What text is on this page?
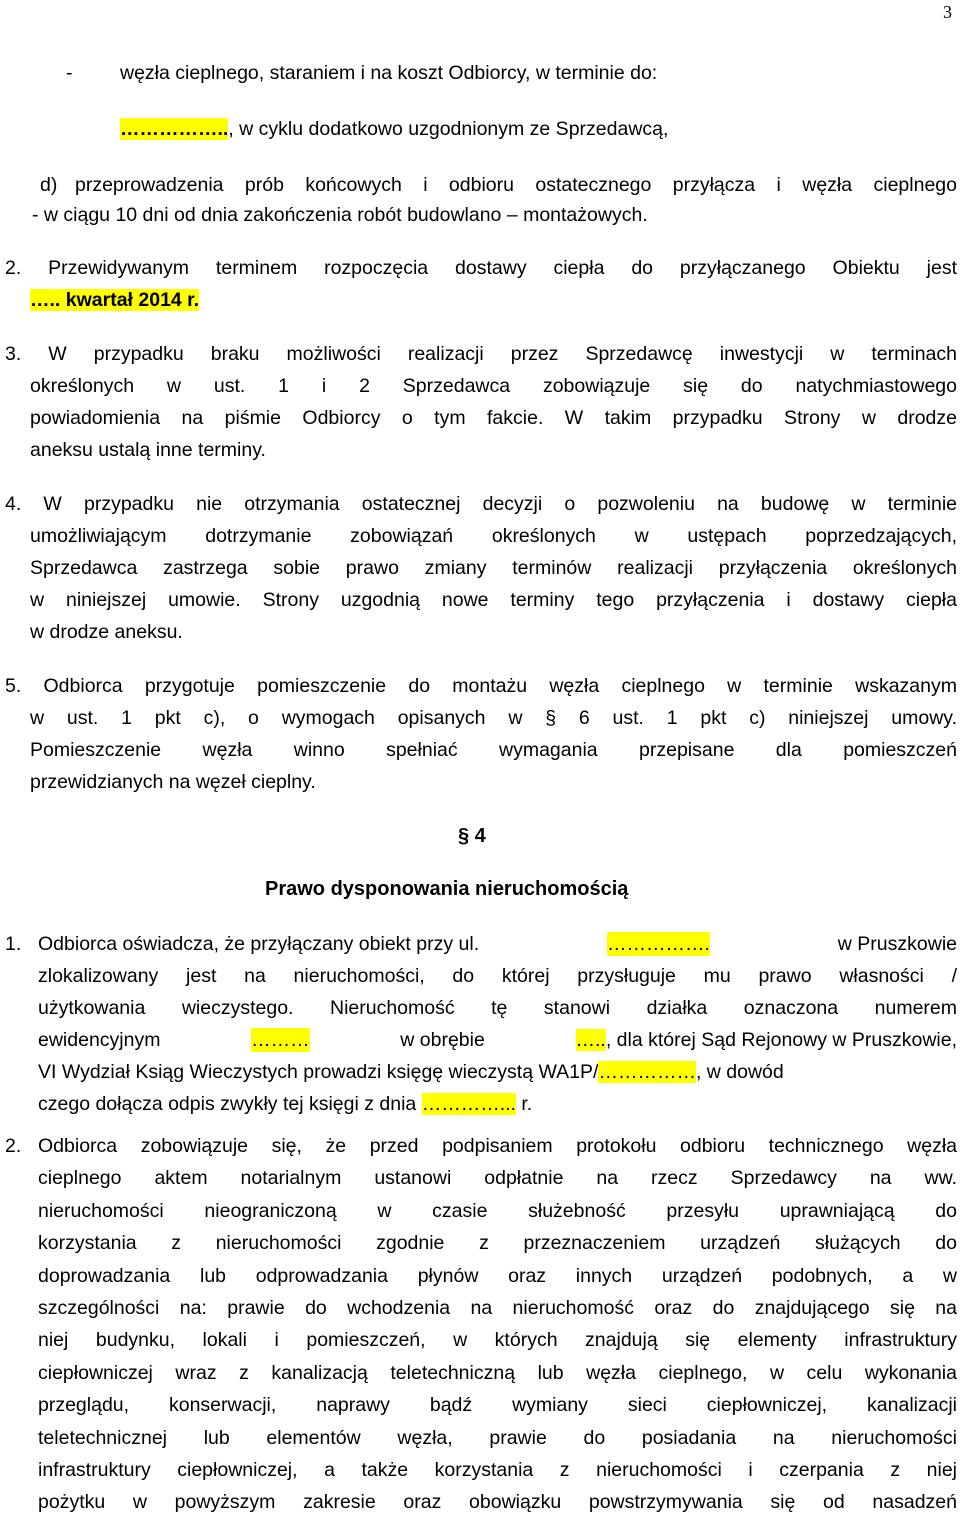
3
- węzła cieplnego, staraniem i na koszt Odbiorcy, w terminie do:
…………….., w cyklu dodatkowo uzgodnionym ze Sprzedawcą,
d) przeprowadzenia prób końcowych i odbioru ostatecznego przyłącza i węzła cieplnego
- w ciągu 10 dni od dnia zakończenia robót budowlano – montażowych.
2. Przewidywanym terminem rozpoczęcia dostawy ciepła do przyłączanego Obiektu jest
….. kwartał 2014 r.
3. W przypadku braku możliwości realizacji przez Sprzedawcę inwestycji w terminach
określonych w ust. 1 i 2 Sprzedawca zobowiązuje się do natychmiastowego
powiadomienia na piśmie Odbiorcy o tym fakcie. W takim przypadku Strony w drodze
aneksu ustalą inne terminy.
4. W przypadku nie otrzymania ostatecznej decyzji o pozwoleniu na budowę w terminie
umożliwiającym dotrzymanie zobowiązań określonych w ustępach poprzedzających,
Sprzedawca zastrzega sobie prawo zmiany terminów realizacji przyłączenia określonych
w niniejszej umowie. Strony uzgodnią nowe terminy tego przyłączenia i dostawy ciepła
w drodze aneksu.
5. Odbiorca przygotuje pomieszczenie do montażu węzła cieplnego w terminie wskazanym
w ust. 1 pkt c), o wymogach opisanych w § 6 ust. 1 pkt c) niniejszej umowy.
Pomieszczenie węzła winno spełniać wymagania przepisane dla pomieszczeń
przewidzianych na węzeł cieplny.
§ 4
Prawo dysponowania nieruchomością
1. Odbiorca oświadcza, że przyłączany obiekt przy ul.	…………….	w Pruszkowie
zlokalizowany jest na nieruchomości, do której przysługuje mu prawo własności /
użytkowania wieczystego. Nieruchomość tę stanowi działka oznaczona numerem
ewidencyjnym	………	w obrębie	….., dla której Sąd Rejonowy w Pruszkowie,
VI Wydział Ksiąg Wieczystych prowadzi księgę wieczystą WA1P/……………, w dowód
czego dołącza odpis zwykły tej księgi z dnia …………... r.
2. Odbiorca zobowiązuje się, że przed podpisaniem protokołu odbioru technicznego węzła
cieplnego aktem notarialnym ustanowi odpłatnie na rzecz Sprzedawcy na ww.
nieruchomości nieograniczoną w czasie służebność przesyłu uprawniającą do
korzystania z nieruchomości zgodnie z przeznaczeniem urządzeń służących do
doprowadzania lub odprowadzania płynów oraz innych urządzeń podobnych, a w
szczególności na: prawie do wchodzenia na nieruchomość oraz do znajdującego się na
niej budynku, lokali i pomieszczeń, w których znajdują się elementy infrastruktury
ciepłowniczej wraz z kanalizacją teletechniczną lub węzła cieplnego, w celu wykonania
przeglądu, konserwacji, naprawy bądź wymiany sieci ciepłowniczej, kanalizacji
teletechnicznej lub elementów węzła, prawie do posiadania na nieruchomości
infrastruktury ciepłowniczej, a także korzystania z nieruchomości i czerpania z niej
pożytku w powyższym zakresie oraz obowiązku powstrzymywania się od nasadzeń
